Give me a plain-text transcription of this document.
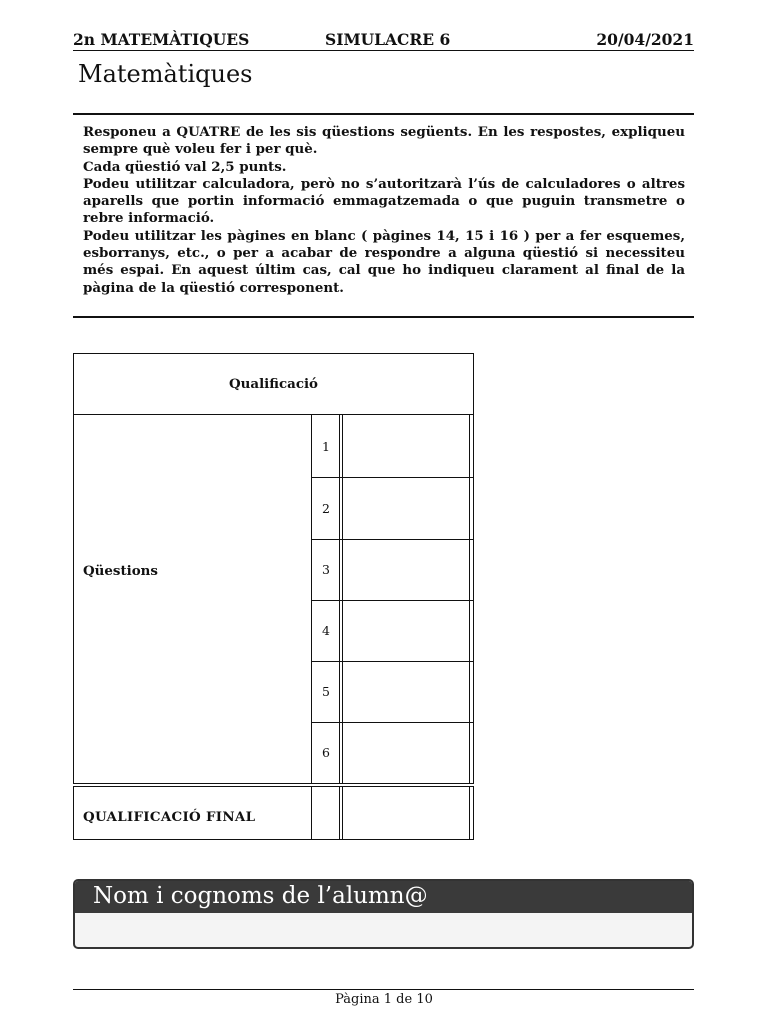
2n MATEMÀTIQUES	SIMULACRE 6	20/04/2021
Matemàtiques

Responeu a QUATRE de les sis qüestions següents. En les respostes, expliqueu sempre què voleu fer i per què.

Cada qüestió val 2,5 punts.

Podeu utilitzar calculadora, però no s’autoritzarà l’ús de calculadores o altres aparells que portin informació emmagatzemada o que puguin transmetre o rebre informació.

Podeu utilitzar les pàgines en blanc ( pàgines 14, 15 i 16 ) per a fer esquemes, esborranys, etc., o per a acabar de respondre a alguna qüestió si necessiteu més espai. En aquest últim cas, cal que ho indiqueu clarament al final de la pàgina de la qüestió corresponent.

Qualificació
Qüestions
1
2
3
4
5
6
QUALIFICACIÓ FINAL
Nom i cognoms de l’alumn@
Pàgina 1 de 10
